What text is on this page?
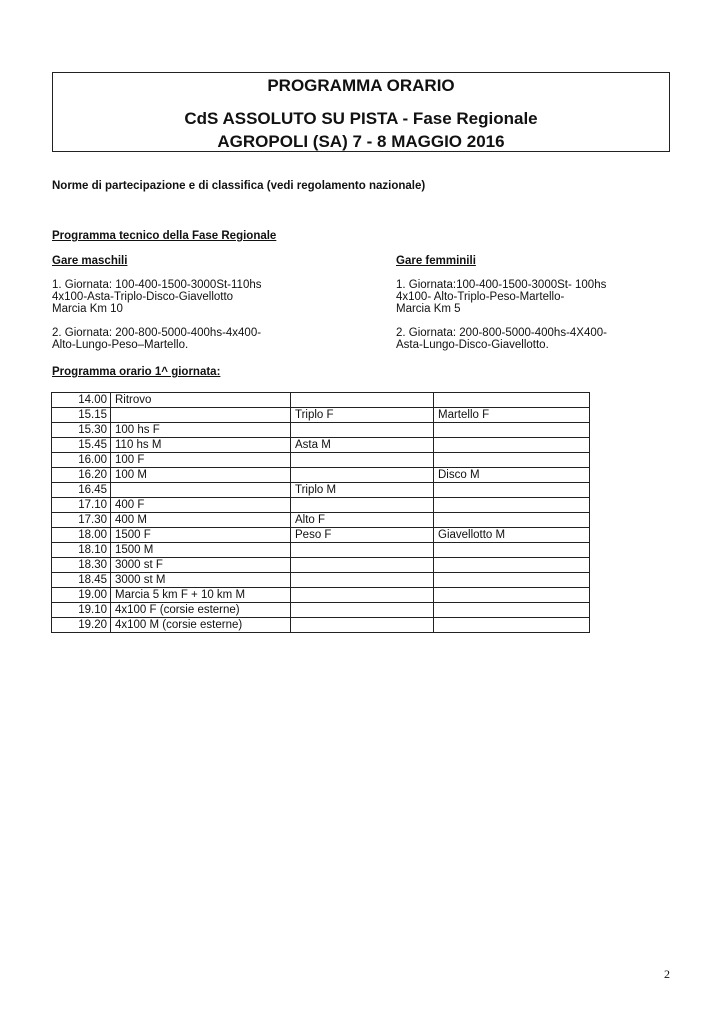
PROGRAMMA ORARIO
CdS ASSOLUTO SU PISTA - Fase Regionale
AGROPOLI (SA) 7 - 8 MAGGIO 2016
Norme di partecipazione e di classifica (vedi regolamento nazionale)
Programma tecnico della Fase Regionale
Gare maschili
1. Giornata: 100-400-1500-3000St-110hs
4x100-Asta-Triplo-Disco-Giavellotto
Marcia Km 10
2. Giornata: 200-800-5000-400hs-4x400-
Alto-Lungo-Peso–Martello.
Gare femminili
1. Giornata:100-400-1500-3000St- 100hs
4x100- Alto-Triplo-Peso-Martello-
Marcia Km 5
2. Giornata: 200-800-5000-400hs-4X400-
Asta-Lungo-Disco-Giavellotto.
Programma orario 1^ giornata:
14.00	Ritrovo		
15.15		Triplo F	Martello F
15.30	100 hs F		
15.45	110 hs M	Asta M	
16.00	100 F		
16.20	100 M		Disco M
16.45		Triplo M	
17.10	400 F		
17.30	400 M	Alto F	
18.00	1500 F	Peso F	Giavellotto M
18.10	1500 M		
18.30	3000 st F		
18.45	3000 st M		
19.00	Marcia 5 km F + 10 km M		
19.10	4x100 F (corsie esterne)		
19.20	4x100 M (corsie esterne)		
2
